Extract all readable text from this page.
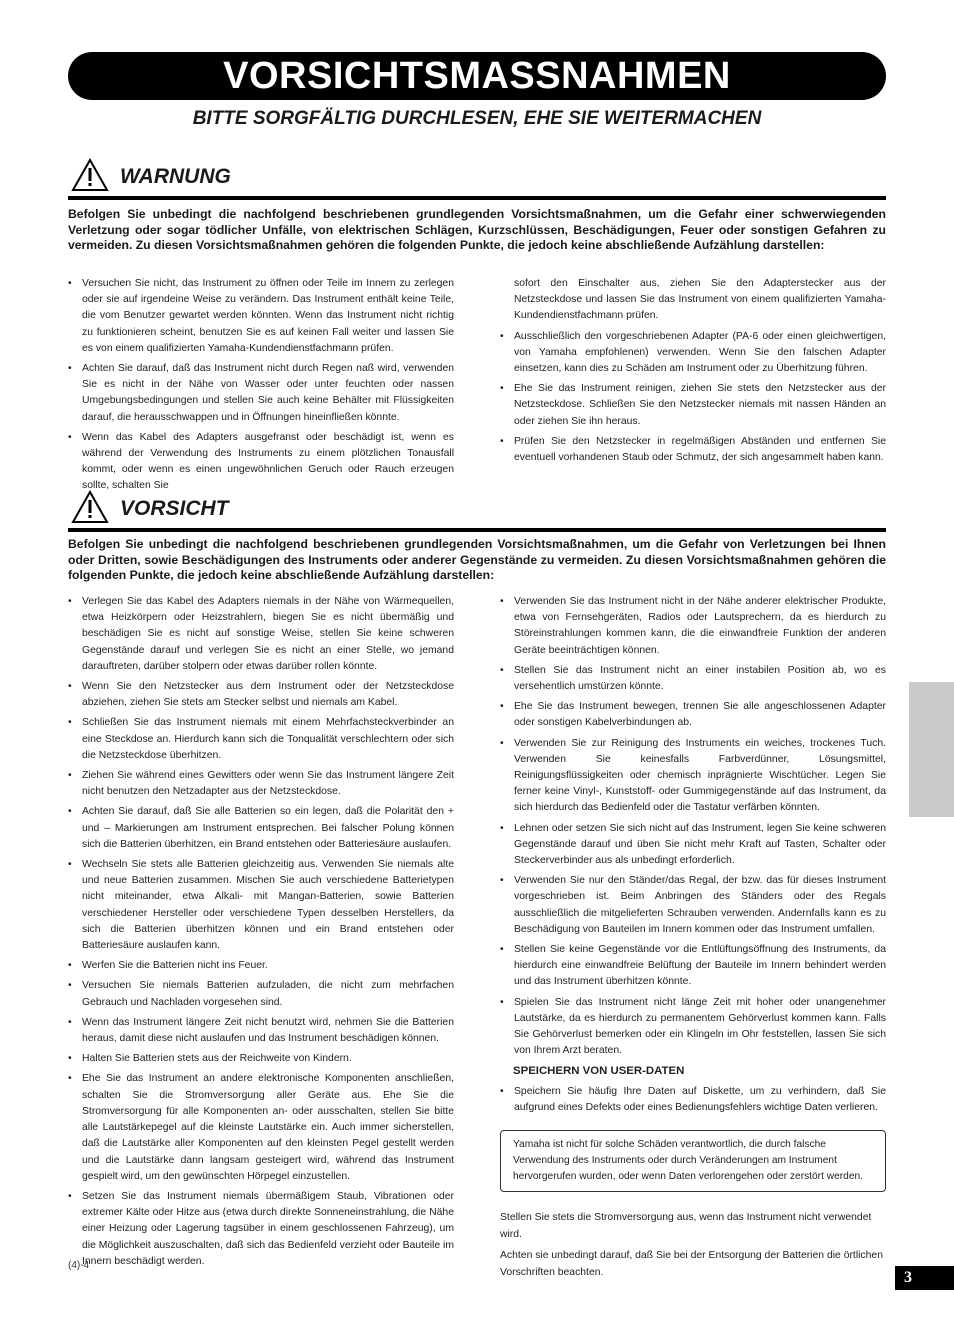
VORSICHTSMASSNAHMEN
BITTE SORGFÄLTIG DURCHLESEN, EHE SIE WEITERMACHEN
WARNUNG
Befolgen Sie unbedingt die nachfolgend beschriebenen grundlegenden Vorsichtsmaßnahmen, um die Gefahr einer schwerwiegenden Verletzung oder sogar tödlicher Unfälle, von elektrischen Schlägen, Kurzschlüssen, Beschädigungen, Feuer oder sonstigen Gefahren zu vermeiden. Zu diesen Vorsichtsmaßnahmen gehören die folgenden Punkte, die jedoch keine abschließende Aufzählung darstellen:
• Versuchen Sie nicht, das Instrument zu öffnen oder Teile im Innern zu zerlegen oder sie auf irgendeine Weise zu verändern. Das Instrument enthält keine Teile, die vom Benutzer gewartet werden könnten. Wenn das Instrument nicht richtig zu funktionieren scheint, benutzen Sie es auf keinen Fall weiter und lassen Sie es von einem qualifizierten Yamaha-Kundendienstfachmann prüfen.
• Achten Sie darauf, daß das Instrument nicht durch Regen naß wird, verwenden Sie es nicht in der Nähe von Wasser oder unter feuchten oder nassen Umgebungsbedingungen und stellen Sie auch keine Behälter mit Flüssigkeiten darauf, die herausschwappen und in Öffnungen hineinfließen könnte.
• Wenn das Kabel des Adapters ausgefranst oder beschädigt ist, wenn es während der Verwendung des Instruments zu einem plötzlichen Tonausfall kommt, oder wenn es einen ungewöhnlichen Geruch oder Rauch erzeugen sollte, schalten Sie
sofort den Einschalter aus, ziehen Sie den Adapterstecker aus der Netzsteckdose und lassen Sie das Instrument von einem qualifizierten Yamaha-Kundendienstfachmann prüfen.
• Ausschließlich den vorgeschriebenen Adapter (PA-6 oder einen gleichwertigen, von Yamaha empfohlenen) verwenden. Wenn Sie den falschen Adapter einsetzen, kann dies zu Schäden am Instrument oder zu Überhitzung führen.
• Ehe Sie das Instrument reinigen, ziehen Sie stets den Netzstecker aus der Netzsteckdose. Schließen Sie den Netzstecker niemals mit nassen Händen an oder ziehen Sie ihn heraus.
• Prüfen Sie den Netzstecker in regelmäßigen Abständen und entfernen Sie eventuell vorhandenen Staub oder Schmutz, der sich angesammelt haben kann.
VORSICHT
Befolgen Sie unbedingt die nachfolgend beschriebenen grundlegenden Vorsichtsmaßnahmen, um die Gefahr von Verletzungen bei Ihnen oder Dritten, sowie Beschädigungen des Instruments oder anderer Gegenstände zu vermeiden. Zu diesen Vorsichtsmaßnahmen gehören die folgenden Punkte, die jedoch keine abschließende Aufzählung darstellen:
• Verlegen Sie das Kabel des Adapters niemals in der Nähe von Wärmequellen, etwa Heizkörpern oder Heizstrahlern, biegen Sie es nicht übermäßig und beschädigen Sie es nicht auf sonstige Weise, stellen Sie keine schweren Gegenstände darauf und verlegen Sie es nicht an einer Stelle, wo jemand darauftreten, darüber stolpern oder etwas darüber rollen könnte.
• Wenn Sie den Netzstecker aus dem Instrument oder der Netzsteckdose abziehen, ziehen Sie stets am Stecker selbst und niemals am Kabel.
• Schließen Sie das Instrument niemals mit einem Mehrfachsteckverbinder an eine Steckdose an. Hierdurch kann sich die Tonqualität verschlechtern oder sich die Netzsteckdose überhitzen.
• Ziehen Sie während eines Gewitters oder wenn Sie das Instrument längere Zeit nicht benutzen den Netzadapter aus der Netzsteckdose.
• Achten Sie darauf, daß Sie alle Batterien so ein legen, daß die Polarität den + und – Markierungen am Instrument entsprechen. Bei falscher Polung können sich die Batterien überhitzen, ein Brand entstehen oder Batteriesäure auslaufen.
• Wechseln Sie stets alle Batterien gleichzeitig aus. Verwenden Sie niemals alte und neue Batterien zusammen. Mischen Sie auch verschiedene Batterietypen nicht miteinander, etwa Alkali- mit Mangan-Batterien, sowie Batterien verschiedener Hersteller oder verschiedene Typen desselben Herstellers, da sich die Batterien überhitzen können und ein Brand entstehen oder Batteriesäure auslaufen kann.
• Werfen Sie die Batterien nicht ins Feuer.
• Versuchen Sie niemals Batterien aufzuladen, die nicht zum mehrfachen Gebrauch und Nachladen vorgesehen sind.
• Wenn das Instrument längere Zeit nicht benutzt wird, nehmen Sie die Batterien heraus, damit diese nicht auslaufen und das Instrument beschädigen können.
• Halten Sie Batterien stets aus der Reichweite von Kindern.
• Ehe Sie das Instrument an andere elektronische Komponenten anschließen, schalten Sie die Stromversorgung aller Geräte aus. Ehe Sie die Stromversorgung für alle Komponenten an- oder ausschalten, stellen Sie bitte alle Lautstärkepegel auf die kleinste Lautstärke ein. Auch immer sicherstellen, daß die Lautstärke aller Komponenten auf den kleinsten Pegel gestellt werden und die Lautstärke dann langsam gesteigert wird, während das Instrument gespielt wird, um den gewünschten Hörpegel einzustellen.
• Setzen Sie das Instrument niemals übermäßigem Staub, Vibrationen oder extremer Kälte oder Hitze aus (etwa durch direkte Sonneneinstrahlung, die Nähe einer Heizung oder Lagerung tagsüber in einem geschlossenen Fahrzeug), um die Möglichkeit auszuschalten, daß sich das Bedienfeld verzieht oder Bauteile im Innern beschädigt werden.
• Verwenden Sie das Instrument nicht in der Nähe anderer elektrischer Produkte, etwa von Fernsehgeräten, Radios oder Lautsprechern, da es hierdurch zu Störeinstrahlungen kommen kann, die die einwandfreie Funktion der anderen Geräte beeinträchtigen können.
• Stellen Sie das Instrument nicht an einer instabilen Position ab, wo es versehentlich umstürzen könnte.
• Ehe Sie das Instrument bewegen, trennen Sie alle angeschlossenen Adapter oder sonstigen Kabelverbindungen ab.
• Verwenden Sie zur Reinigung des Instruments ein weiches, trockenes Tuch. Verwenden Sie keinesfalls Farbverdünner, Lösungsmittel, Reinigungsflüssigkeiten oder chemisch inprägnierte Wischtücher. Legen Sie ferner keine Vinyl-, Kunststoff- oder Gummigegenstände auf das Instrument, da sich hierdurch das Bedienfeld oder die Tastatur verfärben könnten.
• Lehnen oder setzen Sie sich nicht auf das Instrument, legen Sie keine schweren Gegenstände darauf und üben Sie nicht mehr Kraft auf Tasten, Schalter oder Steckerverbinder aus als unbedingt erforderlich.
• Verwenden Sie nur den Ständer/das Regal, der bzw. das für dieses Instrument vorgeschrieben ist. Beim Anbringen des Ständers oder des Regals ausschließlich die mitgelieferten Schrauben verwenden. Andernfalls kann es zu Beschädigung von Bauteilen im Innern kommen oder das Instrument umfallen.
• Stellen Sie keine Gegenstände vor die Entlüftungsöffnung des Instruments, da hierdurch eine einwandfreie Belüftung der Bauteile im Innern behindert werden und das Instrument überhitzen könnte.
• Spielen Sie das Instrument nicht länge Zeit mit hoher oder unangenehmer Lautstärke, da es hierdurch zu permanentem Gehörverlust kommen kann. Falls Sie Gehörverlust bemerken oder ein Klingeln im Ohr feststellen, lassen Sie sich von Ihrem Arzt beraten.
SPEICHERN VON USER-DATEN
• Speichern Sie häufig Ihre Daten auf Diskette, um zu verhindern, daß Sie aufgrund eines Defekts oder eines Bedienungsfehlers wichtige Daten verlieren.
Yamaha ist nicht für solche Schäden verantwortlich, die durch falsche Verwendung des Instruments oder durch Veränderungen am Instrument hervorgerufen wurden, oder wenn Daten verlorengehen oder zerstört werden.
Stellen Sie stets die Stromversorgung aus, wenn das Instrument nicht verwendet wird.
Achten sie unbedingt darauf, daß Sie bei der Entsorgung der Batterien die örtlichen Vorschriften beachten.
(4)-4
3
